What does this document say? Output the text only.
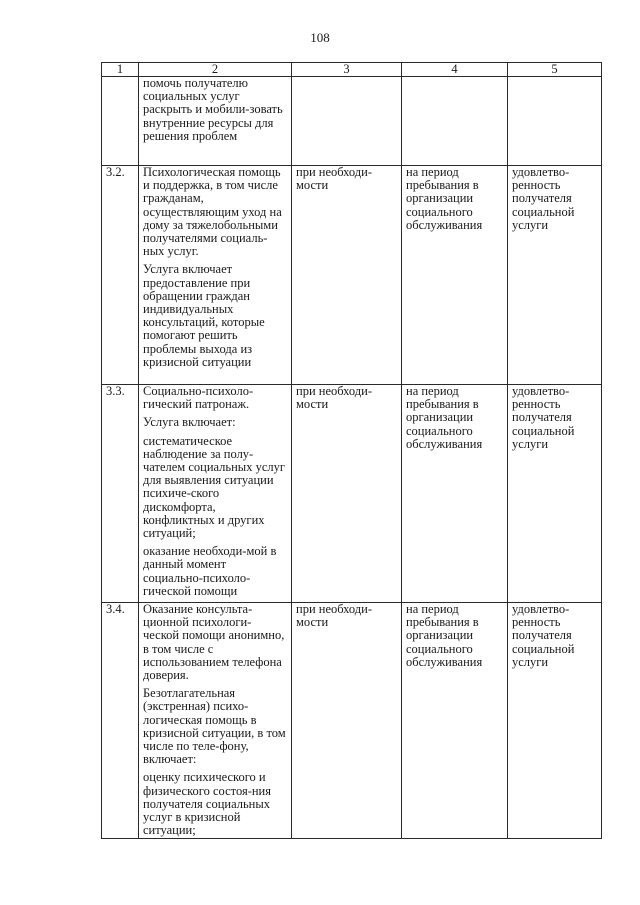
108
1	2	3	4	5

	помочь получателю социальных услуг раскрыть и мобили-зовать внутренние ресурсы для решения проблем			

3.2.	Психологическая помощь и поддержка, в том числе гражданам, осуществляющим уход на дому за тяжелобольными получателями социаль-ных услуг.

Услуга включает предоставление при обращении граждан индивидуальных консультаций, которые помогают решить проблемы выхода из кризисной ситуации	при необходи-мости	на период пребывания в организации социального обслуживания	удовлетво-ренность получателя социальной услуги
3.3.	Социально-психоло-гический патронаж.

Услуга включает:

систематическое наблюдение за полу-чателем социальных услуг для выявления ситуации психиче-ского дискомфорта, конфликтных и других ситуаций;

оказание необходи-мой в данный момент социально-психоло-гической помощи	при необходи-мости	на период пребывания в организации социального обслуживания	удовлетво-ренность получателя социальной услуги
3.4.	Оказание консульта-ционной психологи-ческой помощи анонимно, в том числе с использованием телефона доверия.

Безотлагательная (экстренная) психо-логическая помощь в кризисной ситуации, в том числе по теле-фону, включает:

оценку психического и физического состоя-ния получателя социальных услуг в кризисной ситуации;	при необходи-мости	на период пребывания в организации социального обслуживания	удовлетво-ренность получателя социальной услуги
